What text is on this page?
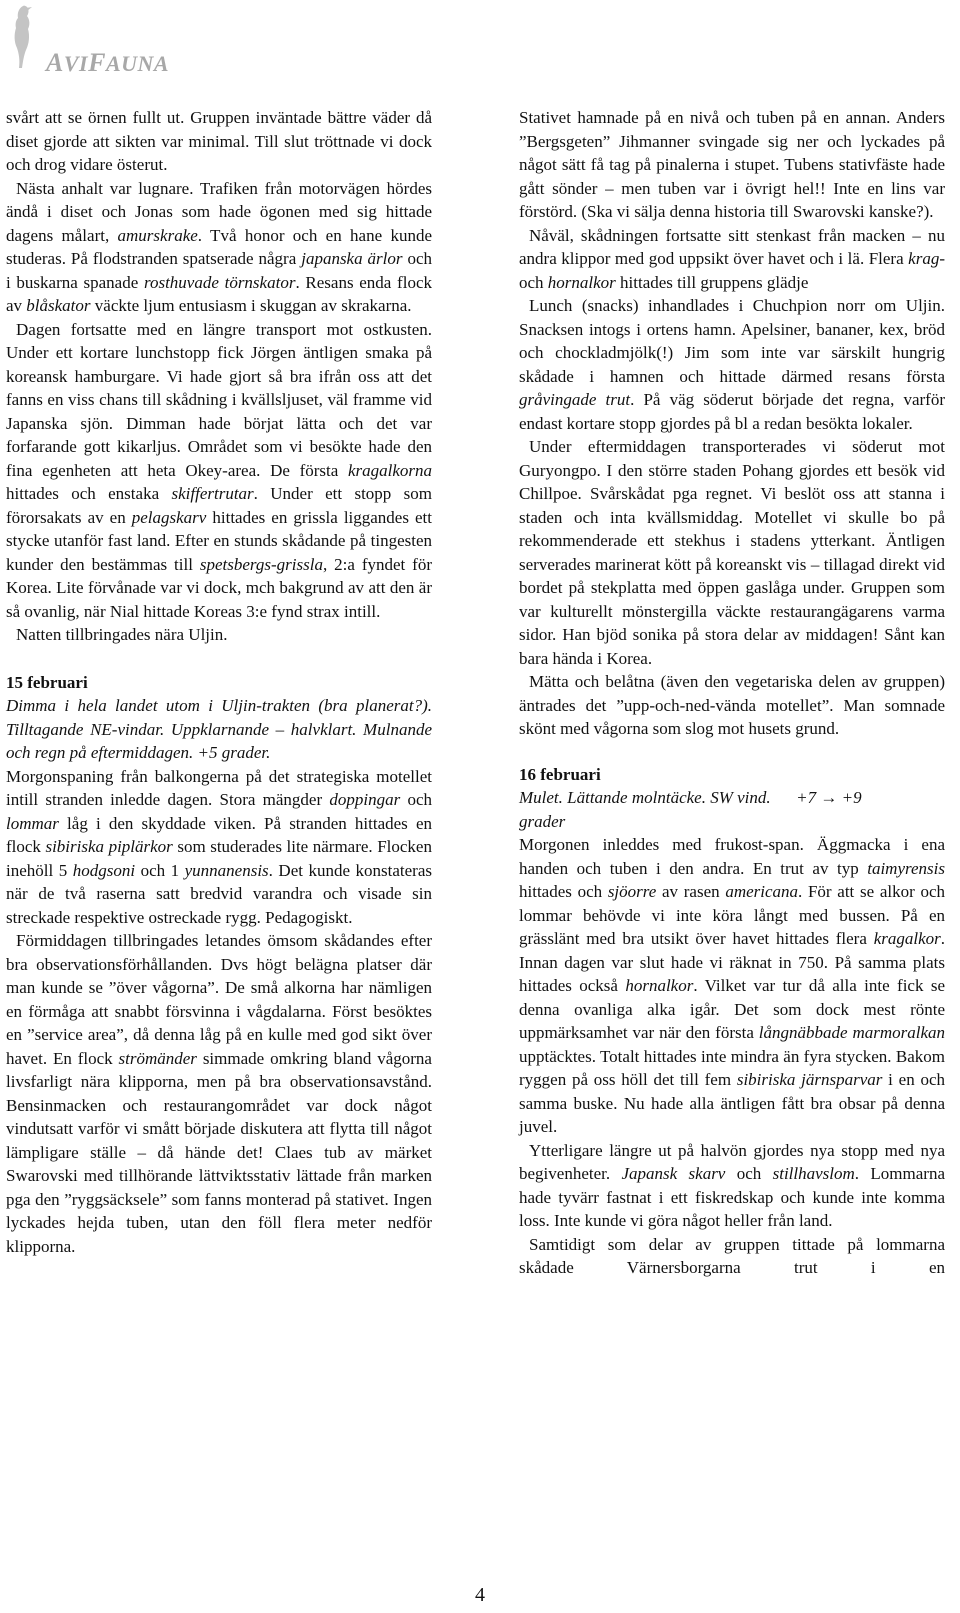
AVIFAUNA

svårt att se örnen fullt ut. Gruppen inväntade bättre väder då diset gjorde att sikten var minimal. Till slut tröttnade vi dock och drog vidare österut.

Nästa anhalt var lugnare. Trafiken från motorvägen hördes ändå i diset och Jonas som hade ögonen med sig hittade dagens målart, amurskrake. Två honor och en hane kunde studeras. På flodstranden spatserade några japanska ärlor och i buskarna spanade rosthuvade törnskator. Resans enda flock av blåskator väckte ljum entusiasm i skuggan av skrakarna.

Dagen fortsatte med en längre transport mot ostkusten. Under ett kortare lunchstopp fick Jörgen äntligen smaka på koreansk hamburgare. Vi hade gjort så bra ifrån oss att det fanns en viss chans till skådning i kvällsljuset, väl framme vid Japanska sjön. Dimman hade börjat lätta och det var forfarande gott kikarljus. Området som vi besökte hade den fina egenheten att heta Okey-area. De första kragalkorna hittades och enstaka skiffertrutar. Under ett stopp som förorsakats av en pelagskarv hittades en grissla liggandes ett stycke utanför fast land. Efter en stunds skådande på tingesten kunder den bestämmas till spetsbergs-grissla, 2:a fyndet för Korea. Lite förvånade var vi dock, mch bakgrund av att den är så ovanlig, när Nial hittade Koreas 3:e fynd strax intill.

Natten tillbringades nära Uljin.

15 februari

Dimma i hela landet utom i Uljin-trakten (bra planerat?). Tilltagande NE-vindar. Uppklarnande – halvklart. Mulnande och regn på eftermiddagen. +5 grader.

Morgonspaning från balkongerna på det strategiska motellet intill stranden inledde dagen. Stora mängder doppingar och lommar låg i den skyddade viken. På stranden hittades en flock sibiriska piplärkor som studerades lite närmare. Flocken inehöll 5 hodgsoni och 1 yunnanensis. Det kunde konstateras när de två raserna satt bredvid varandra och visade sin streckade respektive ostreckade rygg. Pedagogiskt.

Förmiddagen tillbringades letandes ömsom skådandes efter bra observationsförhållanden. Dvs högt belägna platser där man kunde se ”över vågorna”. De små alkorna har nämligen en förmåga att snabbt försvinna i vågdalarna. Först besöktes en ”service area”, då denna låg på en kulle med god sikt över havet. En flock strömänder simmade omkring bland vågorna livsfarligt nära klipporna, men på bra observationsavstånd. Bensinmacken och restaurangområdet var dock något vindutsatt varför vi smått började diskutera att flytta till något lämpligare ställe – då hände det! Claes tub av märket Swarovski med tillhörande lättviktsstativ lättade från marken pga den ”ryggsäcksele” som fanns monterad på stativet. Ingen lyckades hejda tuben, utan den föll flera meter nedför klipporna.

Stativet hamnade på en nivå och tuben på en annan. Anders ”Bergsgeten” Jihmanner svingade sig ner och lyckades på något sätt få tag på pinalerna i stupet. Tubens stativfäste hade gått sönder – men tuben var i övrigt hel!! Inte en lins var förstörd. (Ska vi sälja denna historia till Swarovski kanske?).

Nåväl, skådningen fortsatte sitt stenkast från macken – nu andra klippor med god uppsikt över havet och i lä. Flera krag- och hornalkor hittades till gruppens glädje

Lunch (snacks) inhandlades i Chuchpion norr om Uljin. Snacksen intogs i ortens hamn. Apelsiner, bananer, kex, bröd och chockladmjölk(!) Jim som inte var särskilt hungrig skådade i hamnen och hittade därmed resans första gråvingade trut. På väg söderut började det regna, varför endast kortare stopp gjordes på bl a redan besökta lokaler.

Under eftermiddagen transporterades vi söderut mot Guryongpo. I den större staden Pohang gjordes ett besök vid Chillpoe. Svårskådat pga regnet. Vi beslöt oss att stanna i staden och inta kvällsmiddag. Motellet vi skulle bo på rekommenderade ett stekhus i stadens ytterkant. Äntligen serverades marinerat kött på koreanskt vis – tillagad direkt vid bordet på stekplatta med öppen gaslåga under. Gruppen som var kulturellt mönstergilla väckte restaurangägarens varma sidor. Han bjöd sonika på stora delar av middagen! Sånt kan bara hända i Korea.

Mätta och belåtna (även den vegetariska delen av gruppen) äntrades det ”upp-och-ned-vända motellet”. Man somnade skönt med vågorna som slog mot husets grund.

16 februari

Mulet. Lättande molntäcke. SW vind. +7 → +9
grader

Morgonen inleddes med frukost-span. Äggmacka i ena handen och tuben i den andra. En trut av typ taimyrensis hittades och sjöorre av rasen americana. För att se alkor och lommar behövde vi inte köra långt med bussen. På en grässlänt med bra utsikt över havet hittades flera kragalkor. Innan dagen var slut hade vi räknat in 750. På samma plats hittades också hornalkor. Vilket var tur då alla inte fick se denna ovanliga alka igår. Det som dock mest rönte uppmärksamhet var när den första långnäbbade marmoralkan upptäcktes. Totalt hittades inte mindra än fyra stycken. Bakom ryggen på oss höll det till fem sibiriska järnsparvar i en och samma buske. Nu hade alla äntligen fått bra obsar på denna juvel.

Ytterligare längre ut på halvön gjordes nya stopp med nya begivenheter. Japansk skarv och stillhavslom. Lommarna hade tyvärr fastnat i ett fiskredskap och kunde inte komma loss. Inte kunde vi göra något heller från land.

Samtidigt som delar av gruppen tittade på lommarna skådade Värnersborgarna trut i en

4
